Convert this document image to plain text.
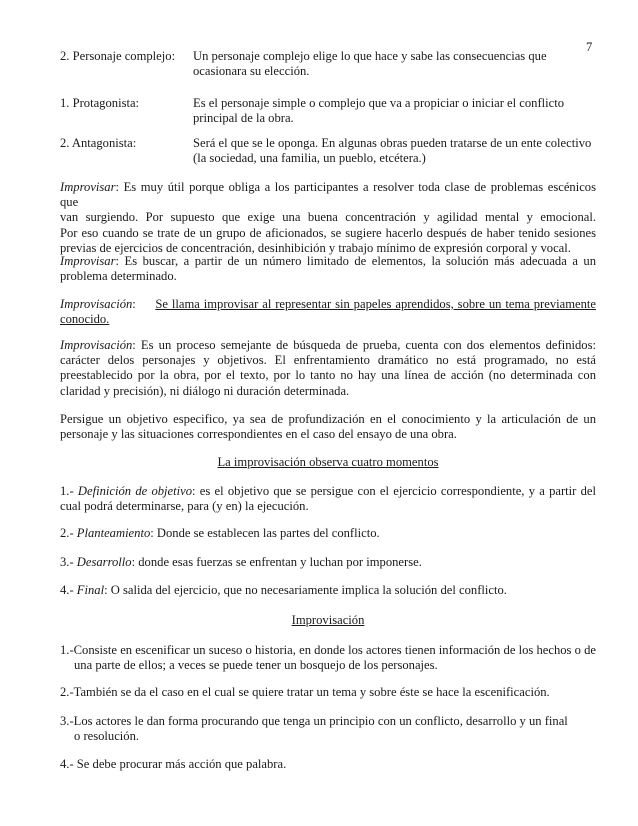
7
2. Personaje complejo: Un personaje complejo elige lo que hace y sabe las consecuencias que
ocasionara su elección.
1. Protagonista:	Es el personaje simple o complejo que va a propiciar o iniciar el conflicto
principal de la obra.
2. Antagonista:	Será el que se le oponga. En algunas obras pueden tratarse de un ente colectivo
(la sociedad, una familia, un pueblo, etcétera.)
Improvisar: Es muy útil porque obliga a los participantes a resolver toda clase de problemas escénicos que
van surgiendo. Por supuesto que exige una buena concentración y agilidad mental y emocional.
Por eso cuando se trate de un grupo de aficionados, se sugiere hacerlo después de haber tenido sesiones
previas de ejercicios de concentración, desinhibición y trabajo mínimo de expresión corporal y vocal.
Improvisar: Es buscar, a partir de un número limitado de elementos, la solución más adecuada a un
problema determinado.
Improvisación: Se llama improvisar al representar sin papeles aprendidos, sobre un tema previamente
conocido.
Improvisación: Es un proceso semejante de búsqueda de prueba, cuenta con dos elementos definidos:
carácter delos personajes y objetivos. El enfrentamiento dramático no está programado, no está
preestablecido por la obra, por el texto, por lo tanto no hay una línea de acción (no determinada con
claridad y precisión), ni diálogo ni duración determinada.
Persigue un objetivo especifico, ya sea de profundización en el conocimiento y la articulación de un
personaje y las situaciones correspondientes en el caso del ensayo de una obra.
La improvisación observa cuatro momentos
1.- Definición de objetivo: es el objetivo que se persigue con el ejercicio correspondiente, y a partir del
cual podrá determinarse, para (y en) la ejecución.
2.- Planteamiento: Donde se establecen las partes del conflicto.
3.- Desarrollo: donde esas fuerzas se enfrentan y luchan por imponerse.
4.- Final: O salida del ejercicio, que no necesariamente implica la solución del conflicto.
Improvisación
1.-Consiste en escenificar un suceso o historia, en donde los actores tienen información de los hechos o de
una parte de ellos; a veces se puede tener un bosquejo de los personajes.
2.-También se da el caso en el cual se quiere tratar un tema y sobre éste se hace la escenificación.
3.-Los actores le dan forma procurando que tenga un principio con un conflicto, desarrollo y un final

o resolución.
4.- Se debe procurar más acción que palabra.
